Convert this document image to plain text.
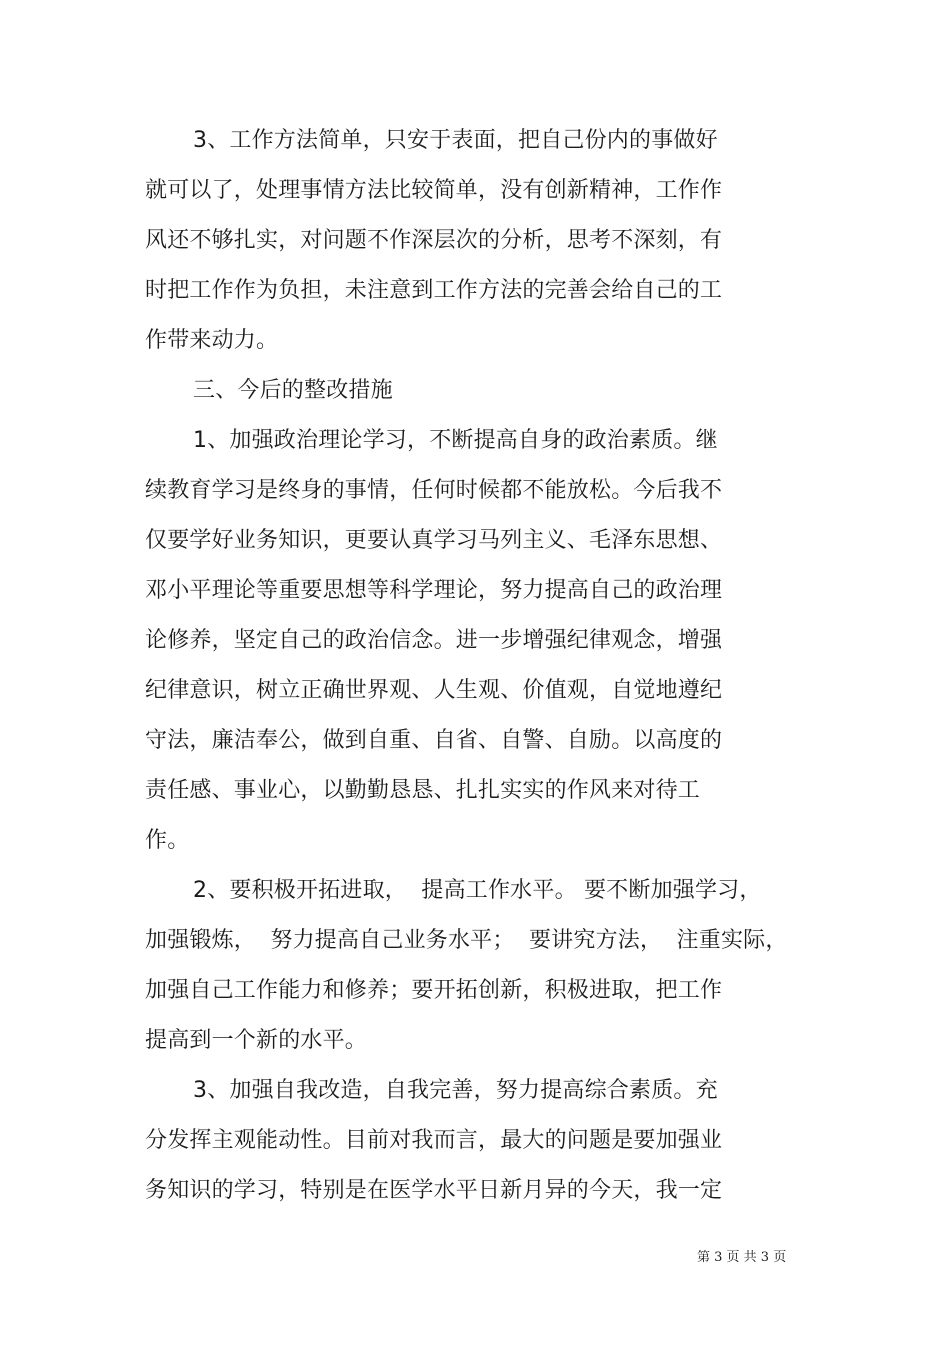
3、工作方法简单，只安于表面，把自己份内的事做好
就可以了，处理事情方法比较简单，没有创新精神，工作作
风还不够扎实，对问题不作深层次的分析，思考不深刻，有
时把工作作为负担，未注意到工作方法的完善会给自己的工
作带来动力。
三、今后的整改措施
1、加强政治理论学习，不断提高自身的政治素质。继
续教育学习是终身的事情，任何时候都不能放松。今后我不
仅要学好业务知识，更要认真学习马列主义、毛泽东思想、
邓小平理论等重要思想等科学理论，努力提高自己的政治理
论修养，坚定自己的政治信念。进一步增强纪律观念，增强
纪律意识，树立正确世界观、人生观、价值观，自觉地遵纪
守法，廉洁奉公，做到自重、自省、自警、自励。以高度的
责任感、事业心，以勤勤恳恳、扎扎实实的作风来对待工
作。
2、要积极开拓进取，  提高工作水平。 要不断加强学习，
加强锻炼，  努力提高自己业务水平；  要讲究方法，  注重实际，
加强自己工作能力和修养；要开拓创新，积极进取，把工作
提高到一个新的水平。
3、加强自我改造，自我完善，努力提高综合素质。充
分发挥主观能动性。目前对我而言，最大的问题是要加强业
务知识的学习，特别是在医学水平日新月异的今天，我一定
第 3 页 共 3 页
